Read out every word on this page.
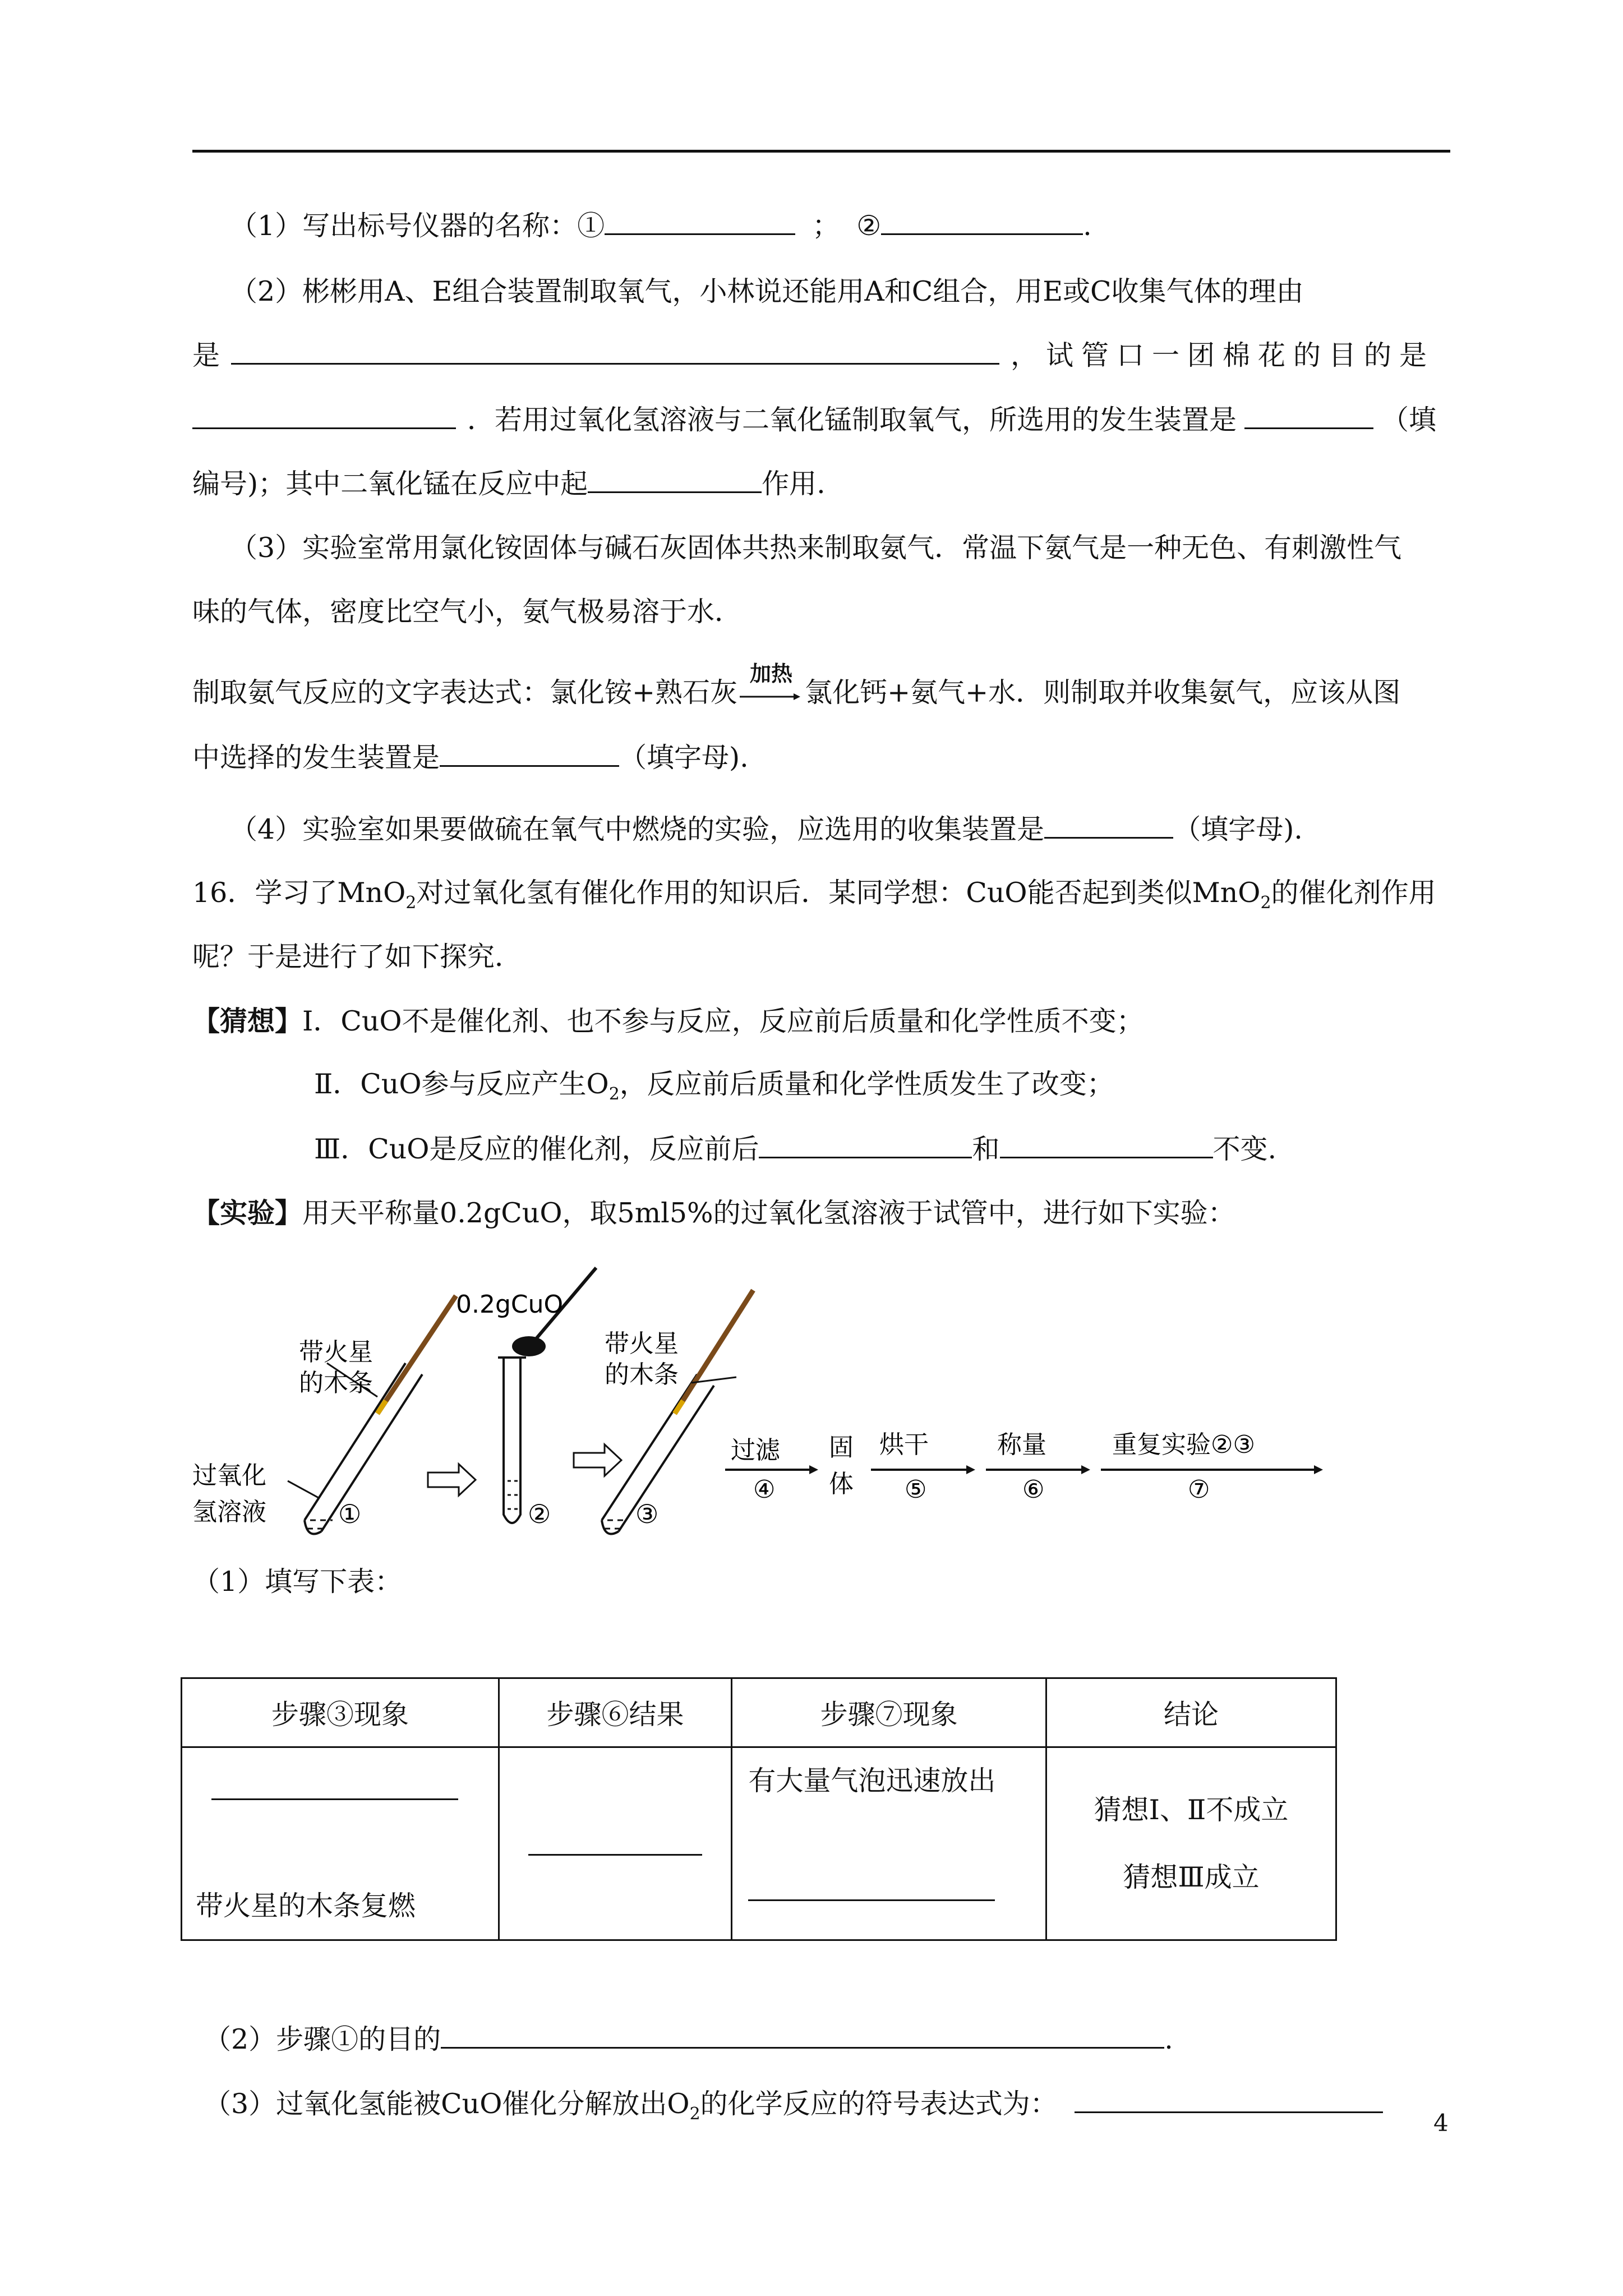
（1）写出标号仪器的名称：①	； ②	.
（2）彬彬用A、E组合装置制取氧气，小林说还能用A和C组合，用E或C收集气体的理由
是	，试管口一团棉花的目的是
．若用过氧化氢溶液与二氧化锰制取氧气，所选用的发生装置是	（填
编号)；其中二氧化锰在反应中起	作用.
（3）实验室常用氯化铵固体与碱石灰固体共热来制取氨气．常温下氨气是一种无色、有刺激性气
味的气体，密度比空气小，氨气极易溶于水．
制取氨气反应的文字表达式：氯化铵+熟石灰
加热
氯化钙+氨气+水．则制取并收集氨气，应该从图
中选择的发生装置是	（填字母).
（4）实验室如果要做硫在氧气中燃烧的实验，应选用的收集装置是	（填字母).
16．学习了MnO$_2$对过氧化氢有催化作用的知识后．某同学想：CuO能否起到类似MnO$_2$的催化剂作用
呢？于是进行了如下探究．
【猜想】Ⅰ．CuO不是催化剂、也不参与反应，反应前后质量和化学性质不变；
Ⅱ．CuO参与反应产生$O_2$，反应前后质量和化学性质发生了改变；
Ⅲ．CuO是反应的催化剂，反应前后	和	不变.
【实验】用天平称量0.2gCuO，取5ml5%的过氧化氢溶液于试管中，进行如下实验：
带火星
的木条
过氧化
氢溶液	①
0.2gCuO
②
带火星
的木条
③
过滤
④
固
体
烘干
⑤
称量
⑥
重复实验②③
⑦
（1）填写下表：
步骤③现象	步骤⑥结果	步骤⑦现象	结论

带火星的木条复燃		有大量气泡迅速放出	猜想Ⅰ、Ⅱ不成立
猜想Ⅲ成立
（2）步骤①的目的	.
（3）过氧化氢能被CuO催化分解放出$O_2$的化学反应的符号表达式为：
4
